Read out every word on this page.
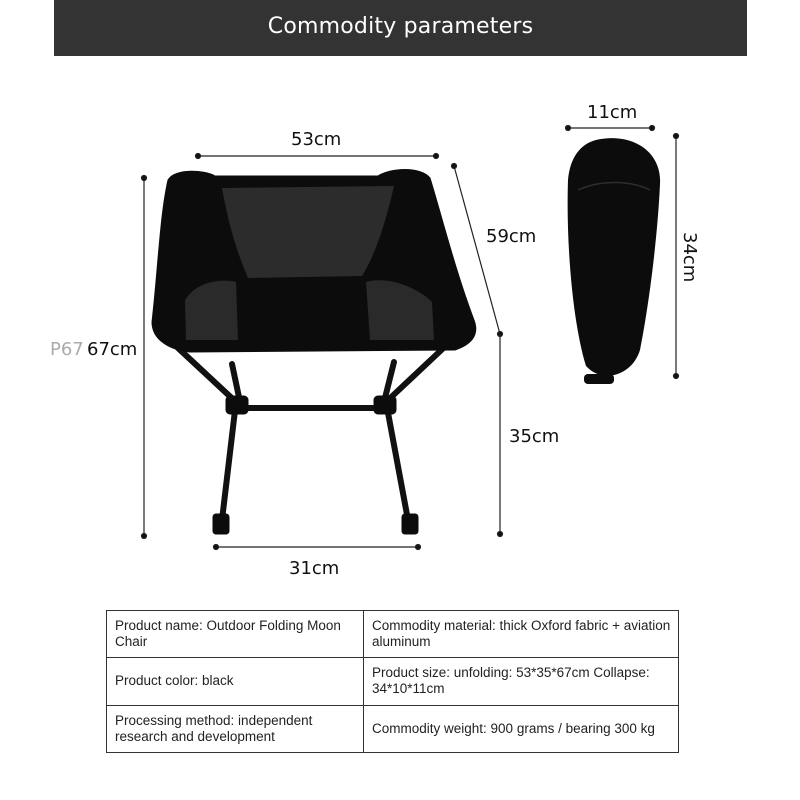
Commodity parameters
53cm
59cm
Р67 67cm
35cm
31cm
11cm
34cm
Product name: Outdoor Folding Moon Chair	Commodity material: thick Oxford fabric + aviation aluminum
Product color: black	Product size: unfolding: 53*35*67cm Collapse: 34*10*11cm
Processing method: independent research and development	Commodity weight: 900 grams / bearing 300 kg
